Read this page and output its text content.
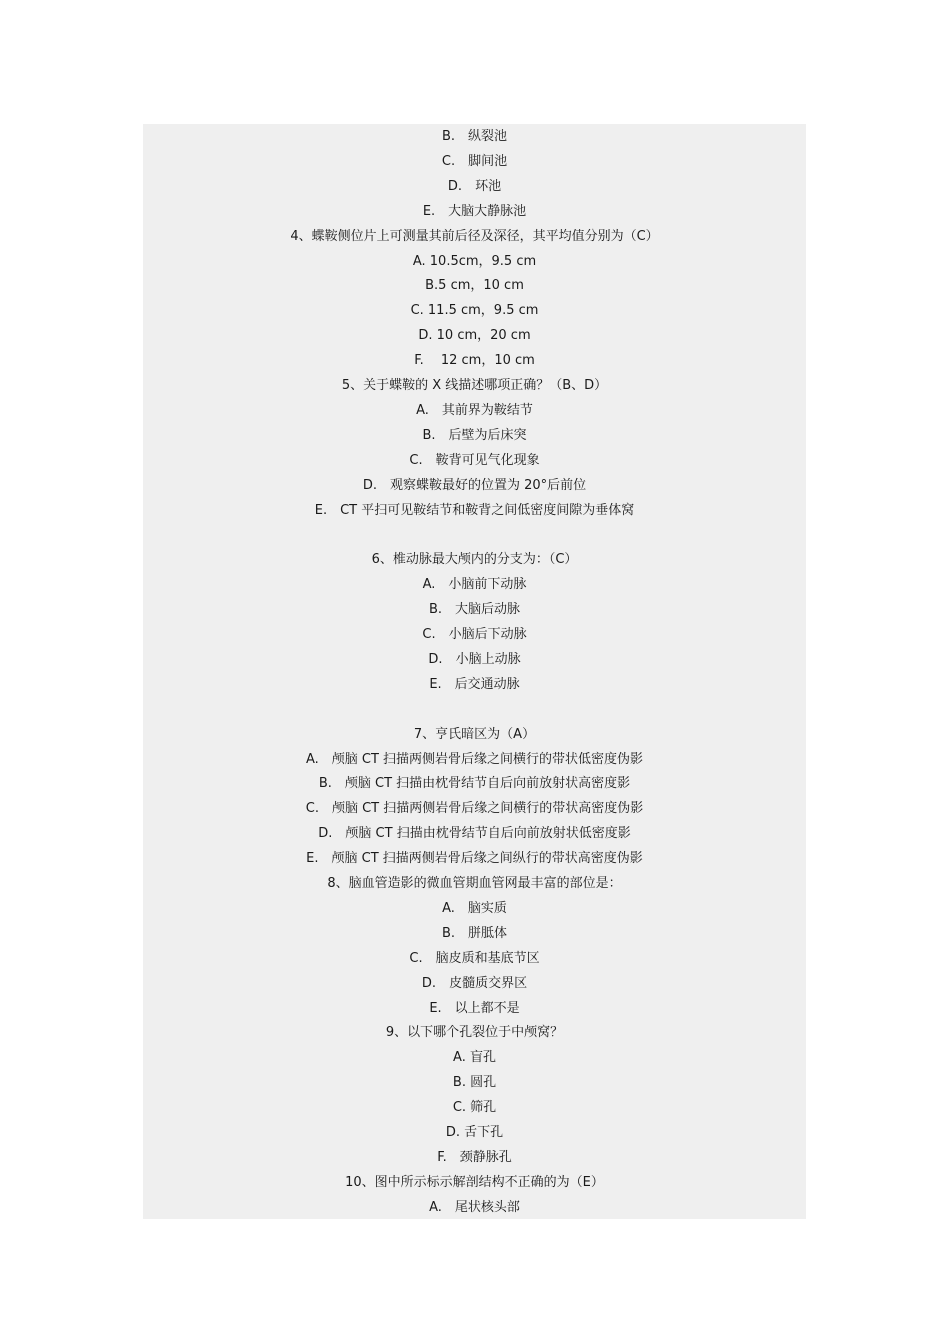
B.　纵裂池
C.　脚间池
D.　环池
E.　大脑大静脉池
4、蝶鞍侧位片上可测量其前后径及深径，其平均值分别为（C）
A. 10.5cm，9.5 cm
B.5 cm，10 cm
C. 11.5 cm，9.5 cm
D. 10 cm，20 cm
F.　 12 cm，10 cm
5、关于蝶鞍的 X 线描述哪项正确？（B、D）
A.　其前界为鞍结节
B.　后壁为后床突
C.　鞍背可见气化现象
D.　观察蝶鞍最好的位置为 20°后前位
E.　CT 平扫可见鞍结节和鞍背之间低密度间隙为垂体窝
6、椎动脉最大颅内的分支为：（C）
A.　小脑前下动脉
B.　大脑后动脉
C.　小脑后下动脉
D.　小脑上动脉
E.　后交通动脉
7、亨氏暗区为（A）
A.　颅脑 CT 扫描两侧岩骨后缘之间横行的带状低密度伪影
B.　颅脑 CT 扫描由枕骨结节自后向前放射状高密度影
C.　颅脑 CT 扫描两侧岩骨后缘之间横行的带状高密度伪影
D.　颅脑 CT 扫描由枕骨结节自后向前放射状低密度影
E.　颅脑 CT 扫描两侧岩骨后缘之间纵行的带状高密度伪影
8、脑血管造影的微血管期血管网最丰富的部位是：
A.　脑实质
B.　胼胝体
C.　脑皮质和基底节区
D.　皮髓质交界区
E.　以上都不是
9、以下哪个孔裂位于中颅窝？
A. 盲孔
B. 圆孔
C. 筛孔
D. 舌下孔
F.　颈静脉孔
10、图中所示标示解剖结构不正确的为（E）
A.　尾状核头部
